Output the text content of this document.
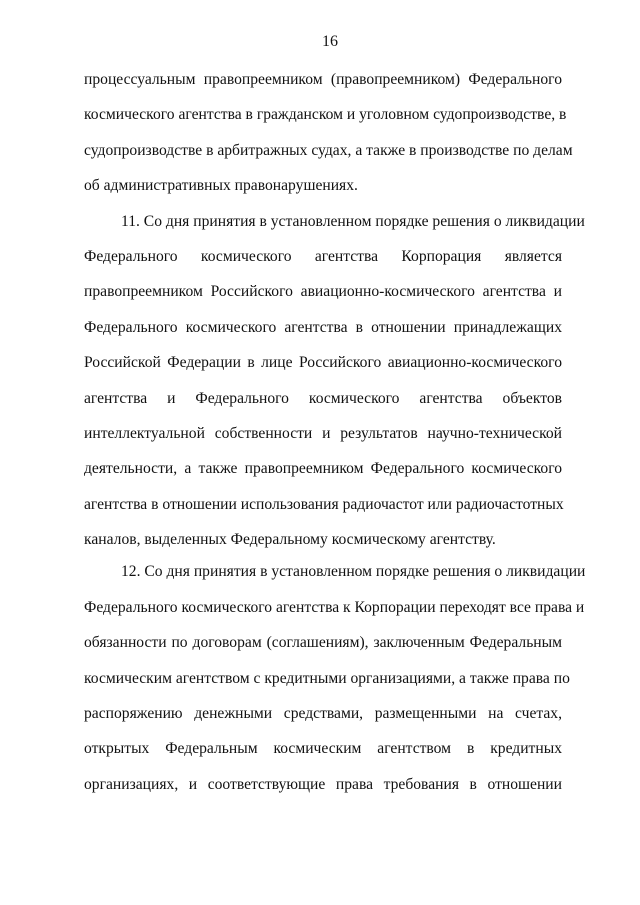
16
процессуальным правопреемником (правопреемником) Федерального
космического агентства в гражданском и уголовном судопроизводстве, в
судопроизводстве в арбитражных судах, а также в производстве по делам
об административных правонарушениях.
11. Со дня принятия в установленном порядке решения о ликвидации
Федерального космического агентства Корпорация является
правопреемником Российского авиационно-космического агентства и
Федерального космического агентства в отношении принадлежащих
Российской Федерации в лице Российского авиационно-космического
агентства и Федерального космического агентства объектов
интеллектуальной собственности и результатов научно-технической
деятельности, а также правопреемником Федерального космического
агентства в отношении использования радиочастот или радиочастотных
каналов, выделенных Федеральному космическому агентству.
12. Со дня принятия в установленном порядке решения о ликвидации
Федерального космического агентства к Корпорации переходят все права и
обязанности по договорам (соглашениям), заключенным Федеральным
космическим агентством с кредитными организациями, а также права по
распоряжению денежными средствами, размещенными на счетах,
открытых Федеральным космическим агентством в кредитных
организациях, и соответствующие права требования в отношении
